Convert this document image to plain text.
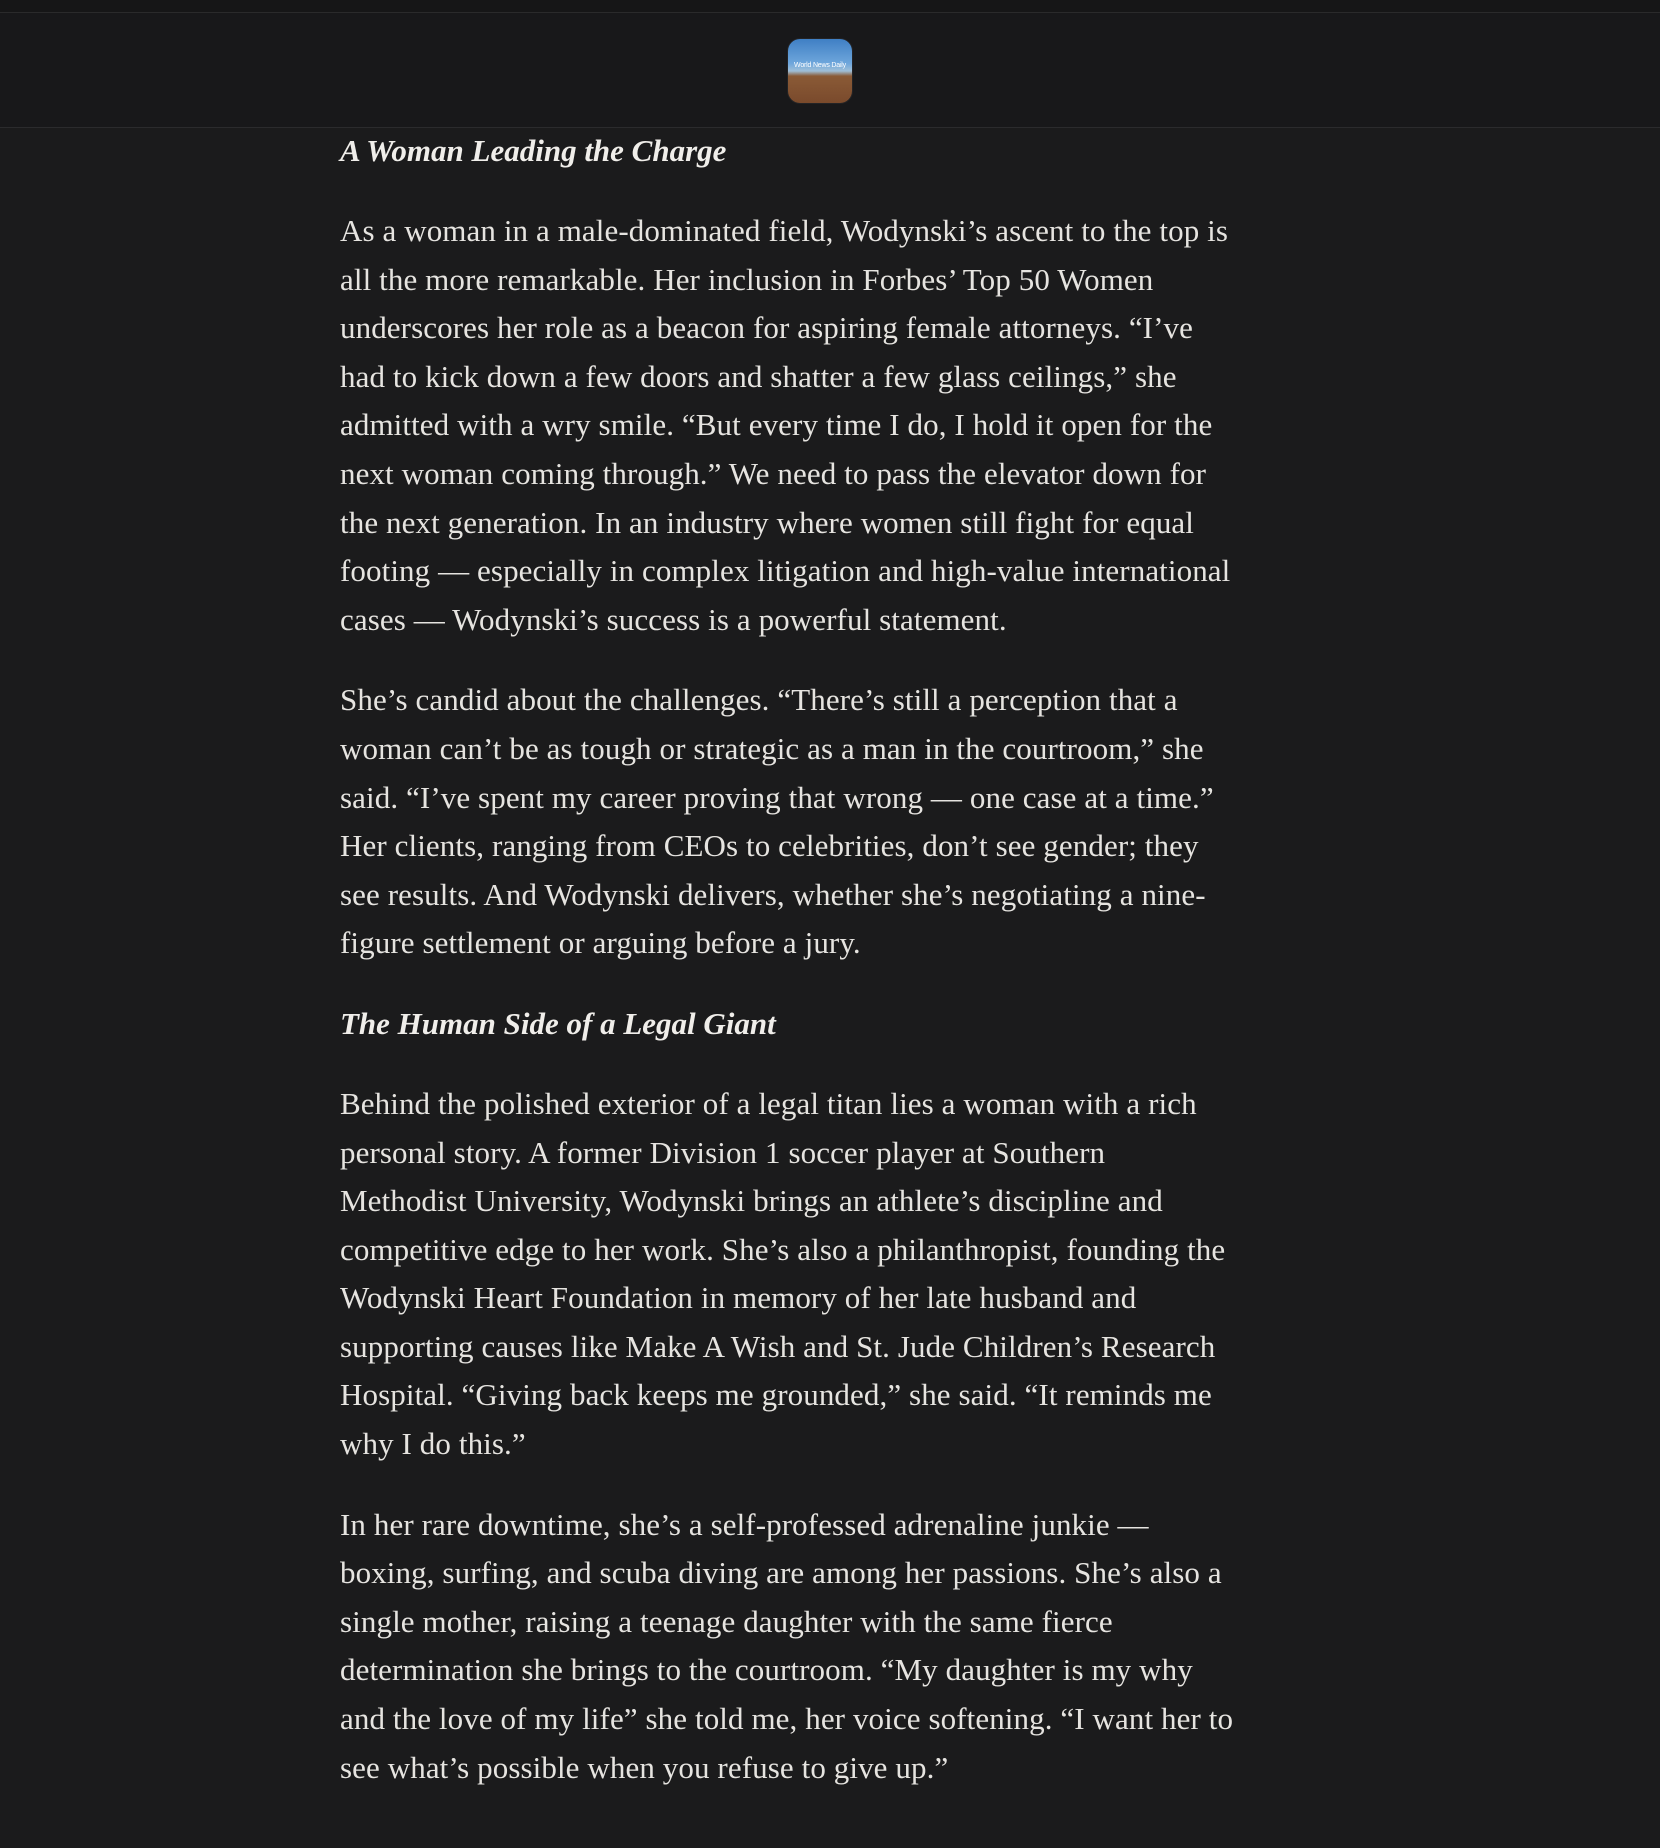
World News Daily
A Woman Leading the Charge
As a woman in a male-dominated field, Wodynski’s ascent to the top is
all the more remarkable. Her inclusion in Forbes’ Top 50 Women
underscores her role as a beacon for aspiring female attorneys. “I’ve
had to kick down a few doors and shatter a few glass ceilings,” she
admitted with a wry smile. “But every time I do, I hold it open for the
next woman coming through.” We need to pass the elevator down for
the next generation. In an industry where women still fight for equal
footing — especially in complex litigation and high-value international
cases — Wodynski’s success is a powerful statement.
She’s candid about the challenges. “There’s still a perception that a
woman can’t be as tough or strategic as a man in the courtroom,” she
said. “I’ve spent my career proving that wrong — one case at a time.”
Her clients, ranging from CEOs to celebrities, don’t see gender; they
see results. And Wodynski delivers, whether she’s negotiating a nine-
figure settlement or arguing before a jury.
The Human Side of a Legal Giant
Behind the polished exterior of a legal titan lies a woman with a rich
personal story. A former Division 1 soccer player at Southern
Methodist University, Wodynski brings an athlete’s discipline and
competitive edge to her work. She’s also a philanthropist, founding the
Wodynski Heart Foundation in memory of her late husband and
supporting causes like Make A Wish and St. Jude Children’s Research
Hospital. “Giving back keeps me grounded,” she said. “It reminds me
why I do this.”
In her rare downtime, she’s a self-professed adrenaline junkie —
boxing, surfing, and scuba diving are among her passions. She’s also a
single mother, raising a teenage daughter with the same fierce
determination she brings to the courtroom. “My daughter is my why
and the love of my life” she told me, her voice softening. “I want her to
see what’s possible when you refuse to give up.”
